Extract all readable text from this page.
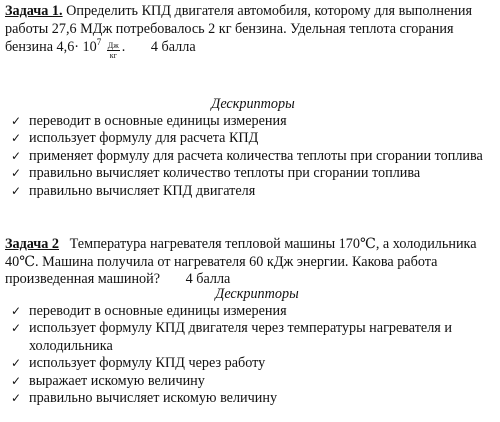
Задача 1. Определить КПД двигателя автомобиля, которому для выполнения работы 27,6 МДж потребовалось 2 кг бензина. Удельная теплота сгорания бензина $4,6\cdot 10^7 \frac{Дж}{кг}$ . 4 балла
Дескрипторы
✓ переводит в основные единицы измерения
✓ использует формулу для расчета КПД
✓ применяет формулу для расчета количества теплоты при сгорании топлива
✓ правильно вычисляет количество теплоты при сгорании топлива
✓ правильно вычисляет КПД двигателя
Задача 2 Температура нагревателя тепловой машины 170℃, а холодильника 40℃. Машина получила от нагревателя 60 кДж энергии. Какова работа произведенная машиной? 4 балла
Дескрипторы
✓ переводит в основные единицы измерения
✓ использует формулу КПД двигателя через температуры нагревателя и холодильника
✓ использует формулу КПД через работу
✓ выражает искомую величину
✓ правильно вычисляет искомую величину
